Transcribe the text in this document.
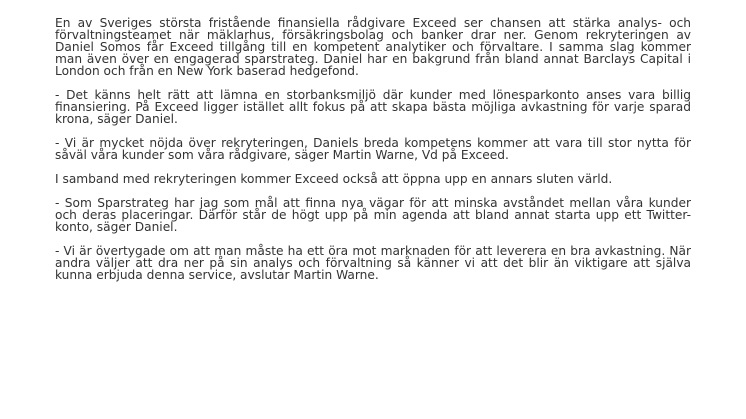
En av Sveriges största fristående finansiella rådgivare Exceed ser chansen att stärka analys- och förvaltningsteamet när mäklarhus, försäkringsbolag och banker drar ner. Genom rekryteringen av Daniel Somos får Exceed tillgång till en kompetent analytiker och förvaltare. I samma slag kommer man även över en engagerad sparstrateg. Daniel har en bakgrund från bland annat Barclays Capital i London och från en New York baserad hedgefond.

- Det känns helt rätt att lämna en storbanksmiljö där kunder med lönesparkonto anses vara billig finansiering. På Exceed ligger istället allt fokus på att skapa bästa möjliga avkastning för varje sparad krona, säger Daniel.

- Vi är mycket nöjda över rekryteringen, Daniels breda kompetens kommer att vara till stor nytta för såväl våra kunder som våra rådgivare, säger Martin Warne, Vd på Exceed.

I samband med rekryteringen kommer Exceed också att öppna upp en annars sluten värld.

- Som Sparstrateg har jag som mål att finna nya vägar för att minska avståndet mellan våra kunder och deras placeringar. Därför står de högt upp på min agenda att bland annat starta upp ett Twitter-konto, säger Daniel.

- Vi är övertygade om att man måste ha ett öra mot marknaden för att leverera en bra avkastning. När andra väljer att dra ner på sin analys och förvaltning så känner vi att det blir än viktigare att själva kunna erbjuda denna service, avslutar Martin Warne.
